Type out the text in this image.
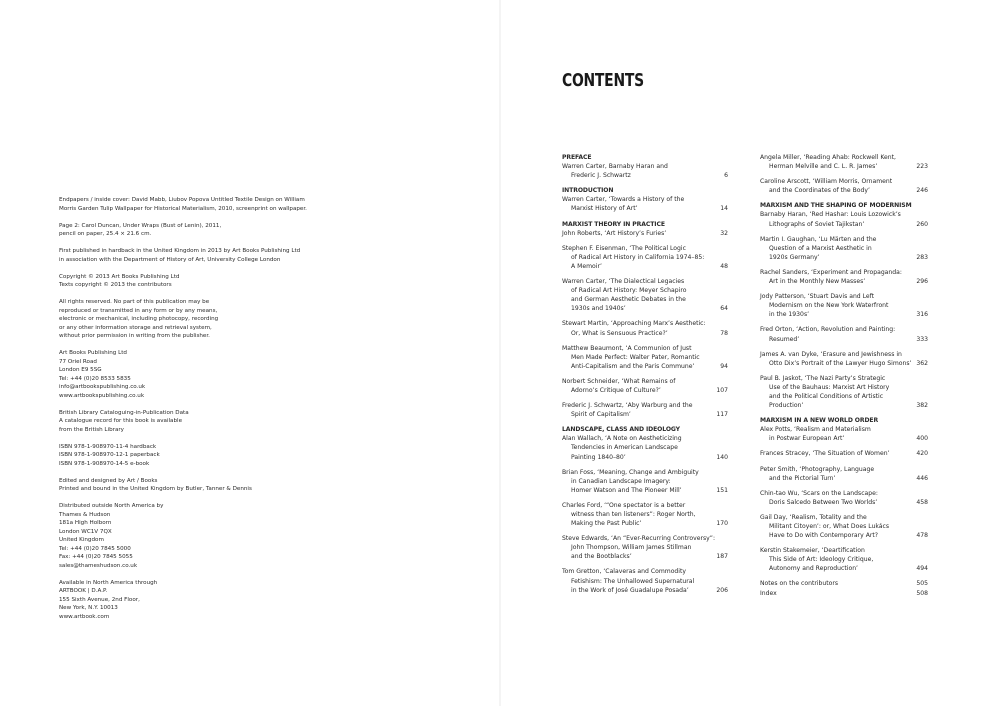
Endpapers / inside cover: David Mabb, Liubov Popova Untitled Textile Design on William
Morris Garden Tulip Wallpaper for Historical Materialism, 2010, screenprint on wallpaper.
Page 2: Carol Duncan, Under Wraps (Bust of Lenin), 2011,
pencil on paper, 25.4 × 21.6 cm.
First published in hardback in the United Kingdom in 2013 by Art Books Publishing Ltd
in association with the Department of History of Art, University College London
Copyright © 2013 Art Books Publishing Ltd
Texts copyright © 2013 the contributors
All rights reserved. No part of this publication may be
reproduced or transmitted in any form or by any means,
electronic or mechanical, including photocopy, recording
or any other information storage and retrieval system,
without prior permission in writing from the publisher.
Art Books Publishing Ltd
77 Oriel Road
London E9 5SG
Tel: +44 (0)20 8533 5835
info@artbookspublishing.co.uk
www.artbookspublishing.co.uk
British Library Cataloguing-in-Publication Data
A catalogue record for this book is available
from the British Library
ISBN 978-1-908970-11-4 hardback
ISBN 978-1-908970-12-1 paperback
ISBN 978-1-908970-14-5 e-book
Edited and designed by Art / Books
Printed and bound in the United Kingdom by Butler, Tanner & Dennis
Distributed outside North America by
Thames & Hudson
181a High Holborn
London WC1V 7QX
United Kingdom
Tel: +44 (0)20 7845 5000
Fax: +44 (0)20 7845 5055
sales@thameshudson.co.uk
Available in North America through
ARTBOOK | D.A.P.
155 Sixth Avenue, 2nd Floor,
New York, N.Y. 10013
www.artbook.com
CONTENTS
PREFACE
Warren Carter, Barnaby Haran and
Frederic J. Schwartz	6
INTRODUCTION
Warren Carter, ‘Towards a History of the
Marxist History of Art’	14
MARXIST THEORY IN PRACTICE
John Roberts, ‘Art History’s Furies’	32
Stephen F. Eisenman, ‘The Political Logic
of Radical Art History in California 1974–85:
A Memoir’	48
Warren Carter, ‘The Dialectical Legacies
of Radical Art History: Meyer Schapiro
and German Aesthetic Debates in the
1930s and 1940s’	64
Stewart Martin, ‘Approaching Marx’s Aesthetic:
Or, What is Sensuous Practice?’	78
Matthew Beaumont, ‘A Communion of Just
Men Made Perfect: Walter Pater, Romantic
Anti-Capitalism and the Paris Commune’	94
Norbert Schneider, ‘What Remains of
Adorno’s Critique of Culture?’	107
Frederic J. Schwartz, ‘Aby Warburg and the
Spirit of Capitalism’	117
LANDSCAPE, CLASS AND IDEOLOGY
Alan Wallach, ‘A Note on Aestheticizing
Tendencies in American Landscape
Painting 1840–80’	140
Brian Foss, ‘Meaning, Change and Ambiguity
in Canadian Landscape Imagery:
Homer Watson and The Pioneer Mill’	151
Charles Ford, ‘“One spectator is a better
witness than ten listeners”: Roger North,
Making the Past Public’	170
Steve Edwards, ‘An “Ever-Recurring Controversy”:
John Thompson, William James Stillman
and the Bootblacks’	187
Tom Gretton, ‘Calaveras and Commodity
Fetishism: The Unhallowed Supernatural
in the Work of José Guadalupe Posada’	206
Angela Miller, ‘Reading Ahab: Rockwell Kent,
Herman Melville and C. L. R. James’	223
Caroline Arscott, ‘William Morris, Ornament
and the Coordinates of the Body’	246
MARXISM AND THE SHAPING OF MODERNISM
Barnaby Haran, ‘Red Hashar: Louis Lozowick’s
Lithographs of Soviet Tajikstan’	260
Martin I. Gaughan, ‘Lu Märten and the
Question of a Marxist Aesthetic in
1920s Germany’	283
Rachel Sanders, ‘Experiment and Propaganda:
Art in the Monthly New Masses’	296
Jody Patterson, ‘Stuart Davis and Left
Modernism on the New York Waterfront
in the 1930s’	316
Fred Orton, ‘Action, Revolution and Painting:
Resumed’	333
James A. van Dyke, ‘Erasure and Jewishness in
Otto Dix’s Portrait of the Lawyer Hugo Simons’ 362
Paul B. Jaskot, ‘The Nazi Party’s Strategic
Use of the Bauhaus: Marxist Art History
and the Political Conditions of Artistic
Production’	382
MARXISM IN A NEW WORLD ORDER
Alex Potts, ‘Realism and Materialism
in Postwar European Art’	400
Frances Stracey, ‘The Situation of Women’	420
Peter Smith, ‘Photography, Language
and the Pictorial Turn’	446
Chin-tao Wu, ‘Scars on the Landscape:
Doris Salcedo Between Two Worlds’	458
Gail Day, ‘Realism, Totality and the
Militant Citoyen’: or, What Does Lukács
Have to Do with Contemporary Art?	478
Kerstin Stakemeier, ‘Deartification
This Side of Art: Ideology Critique,
Autonomy and Reproduction’	494
Notes on the contributors	505
Index	508
